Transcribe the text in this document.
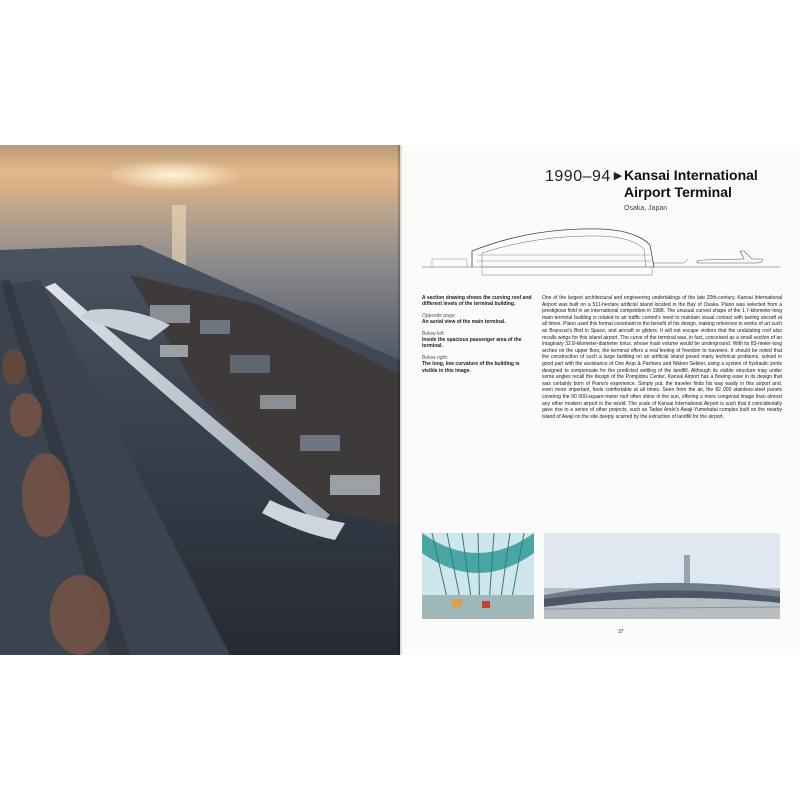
1990–94 ▶ Kansai International
Airport Terminal
Osaka, Japan
A section drawing shows the curving roof and different levels of the terminal building.
Opposite page:
An aerial view of the main terminal.
Below left:
Inside the spacious passenger area of the terminal.
Below right:
The long, low curvature of the building is visible in this image.
One of the largest architectural and engineering undertakings of the late 20th-century, Kansai International Airport was built on a 511-hectare artificial island located in the Bay of Osaka. Piano was selected from a prestigious field in an international competition in 1988. The unusual curved shape of the 1.7-kilometer-long main terminal building is related to air traffic control's need to maintain visual contact with taxiing aircraft at all times. Piano used this formal constraint to the benefit of his design, making reference to works of art such as Brancusi's Bird in Space, and aircraft or gliders. It will not escape visitors that the undulating roof also recalls wings for this island airport. The curve of the terminal was, in fact, conceived as a small section of an imaginary 32.8-kilometer-diameter torus, whose main volume would be underground. With its 83-meter-long arches on the upper floor, the terminal offers a real feeling of freedom to travelers. It should be noted that the construction of such a large building on an artificial island posed many technical problems, solved in good part with the assistance of Ove Arup & Partners and Nikken Sekkei, using a system of hydraulic joints designed to compensate for the predicted settling of the landfill. Although its visible structure may under some angles recall the design of the Pompidou Center, Kansai Airport has a flowing ease in its design that was certainly born of Piano's experience. Simply put, the traveler finds his way easily in this airport and, even more important, feels comfortable at all times. Seen from the air, the 82 000 stainless-steel panels covering the 90 000-square-meter roof often shine in the sun, offering a more congenial image than almost any other modern airport in the world. The scale of Kansai International Airport is such that it coincidentally gave rise to a series of other projects, such as Tadao Ando's Awaji-Yumebutai complex built on the nearby island of Awaji on the site deeply scarred by the extraction of landfill for the airport.
37
